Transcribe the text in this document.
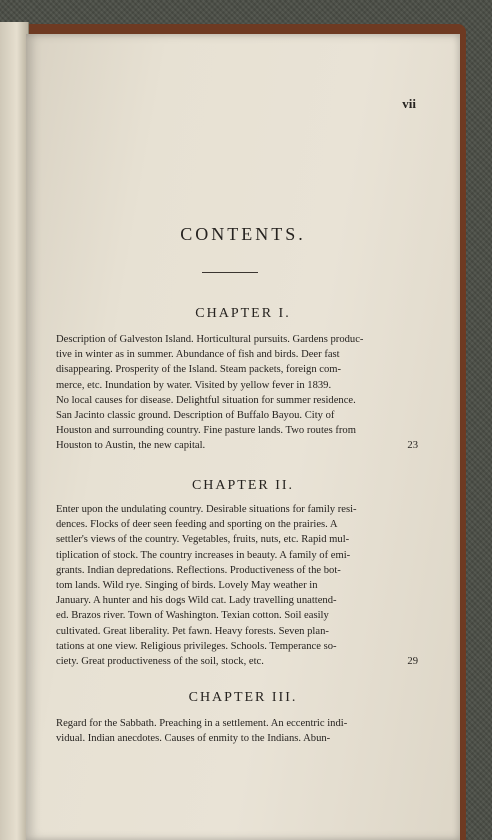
vii
CONTENTS.
CHAPTER I.
Description of Galveston Island. Horticultural pursuits. Gardens produc-
tive in winter as in summer. Abundance of fish and birds. Deer fast
disappearing. Prosperity of the Island. Steam packets, foreign com-
merce, etc. Inundation by water. Visited by yellow fever in 1839.
No local causes for disease. Delightful situation for summer residence.
San Jacinto classic ground. Description of Buffalo Bayou. City of
Houston and surrounding country. Fine pasture lands. Two routes from
Houston to Austin, the new capital.	23
CHAPTER II.
Enter upon the undulating country. Desirable situations for family resi-
dences. Flocks of deer seen feeding and sporting on the prairies. A
settler's views of the country. Vegetables, fruits, nuts, etc. Rapid mul-
tiplication of stock. The country increases in beauty. A family of emi-
grants. Indian depredations. Reflections. Productiveness of the bot-
tom lands. Wild rye. Singing of birds. Lovely May weather in
January. A hunter and his dogs Wild cat. Lady travelling unattend-
ed. Brazos river. Town of Washington. Texian cotton. Soil easily
cultivated. Great liberality. Pet fawn. Heavy forests. Seven plan-
tations at one view. Religious privileges. Schools. Temperance so-
ciety. Great productiveness of the soil, stock, etc.	29
CHAPTER III.
Regard for the Sabbath. Preaching in a settlement. An eccentric indi-
vidual. Indian anecdotes. Causes of enmity to the Indians. Abun-
